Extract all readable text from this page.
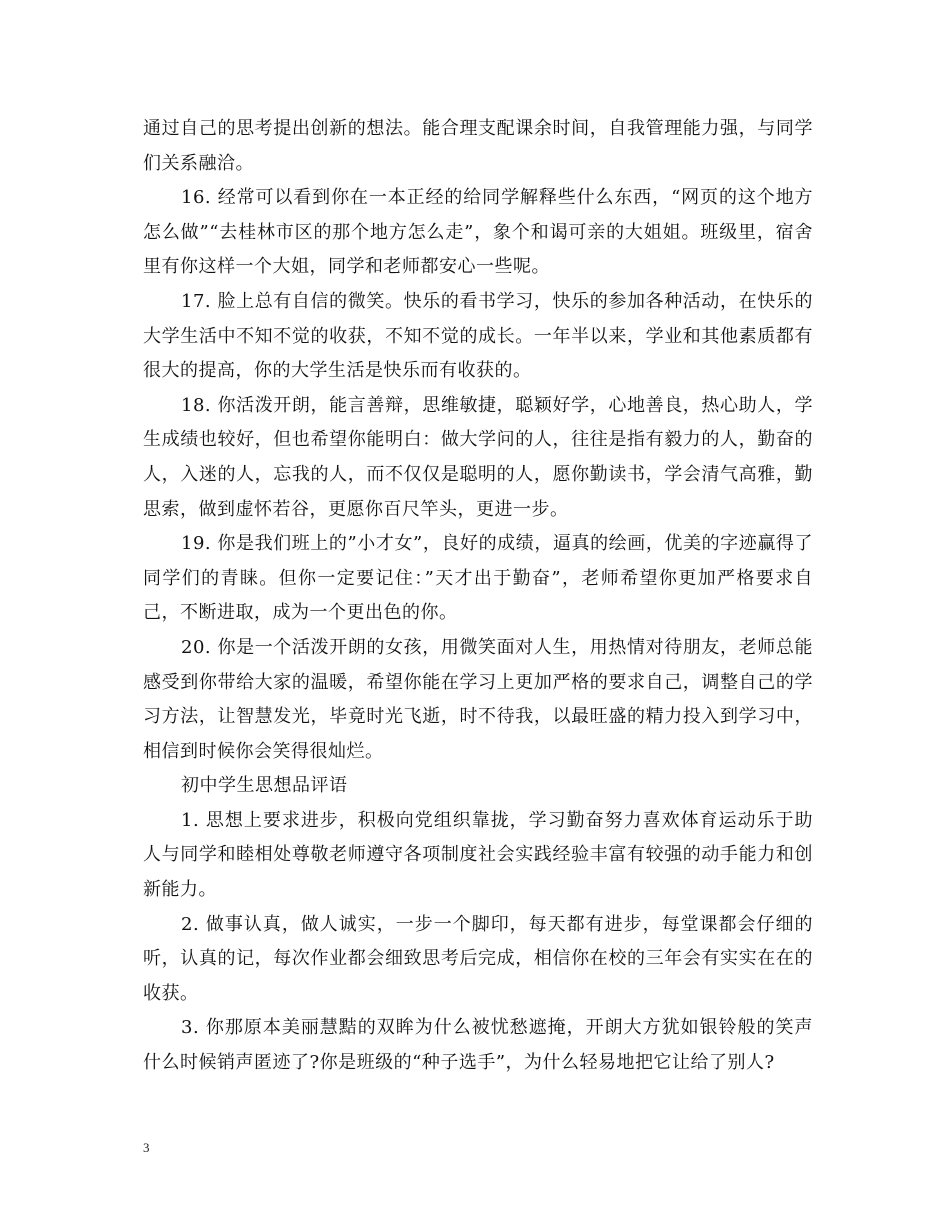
通过自己的思考提出创新的想法。能合理支配课余时间，自我管理能力强，与同学们关系融洽。

16. 经常可以看到你在一本正经的给同学解释些什么东西，“网页的这个地方怎么做”“去桂林市区的那个地方怎么走”，象个和谒可亲的大姐姐。班级里，宿舍里有你这样一个大姐，同学和老师都安心一些呢。

17. 脸上总有自信的微笑。快乐的看书学习，快乐的参加各种活动，在快乐的大学生活中不知不觉的收获，不知不觉的成长。一年半以来，学业和其他素质都有很大的提高，你的大学生活是快乐而有收获的。

18. 你活泼开朗，能言善辩，思维敏捷，聪颖好学，心地善良，热心助人，学生成绩也较好，但也希望你能明白：做大学问的人，往往是指有毅力的人，勤奋的人，入迷的人，忘我的人，而不仅仅是聪明的人，愿你勤读书，学会清气高雅，勤思索，做到虚怀若谷，更愿你百尺竿头，更进一步。

19. 你是我们班上的”小才女”，良好的成绩，逼真的绘画，优美的字迹赢得了同学们的青睐。但你一定要记住：”天才出于勤奋”，老师希望你更加严格要求自己，不断进取，成为一个更出色的你。

20. 你是一个活泼开朗的女孩，用微笑面对人生，用热情对待朋友，老师总能感受到你带给大家的温暖，希望你能在学习上更加严格的要求自己，调整自己的学习方法，让智慧发光，毕竟时光飞逝，时不待我，以最旺盛的精力投入到学习中，相信到时候你会笑得很灿烂。

初中学生思想品评语

1. 思想上要求进步，积极向党组织靠拢，学习勤奋努力喜欢体育运动乐于助人与同学和睦相处尊敬老师遵守各项制度社会实践经验丰富有较强的动手能力和创新能力。

2. 做事认真，做人诚实，一步一个脚印，每天都有进步，每堂课都会仔细的听，认真的记，每次作业都会细致思考后完成，相信你在校的三年会有实实在在的收获。

3. 你那原本美丽慧黠的双眸为什么被忧愁遮掩，开朗大方犹如银铃般的笑声什么时候销声匿迹了?你是班级的“种子选手”，为什么轻易地把它让给了别人?

3
